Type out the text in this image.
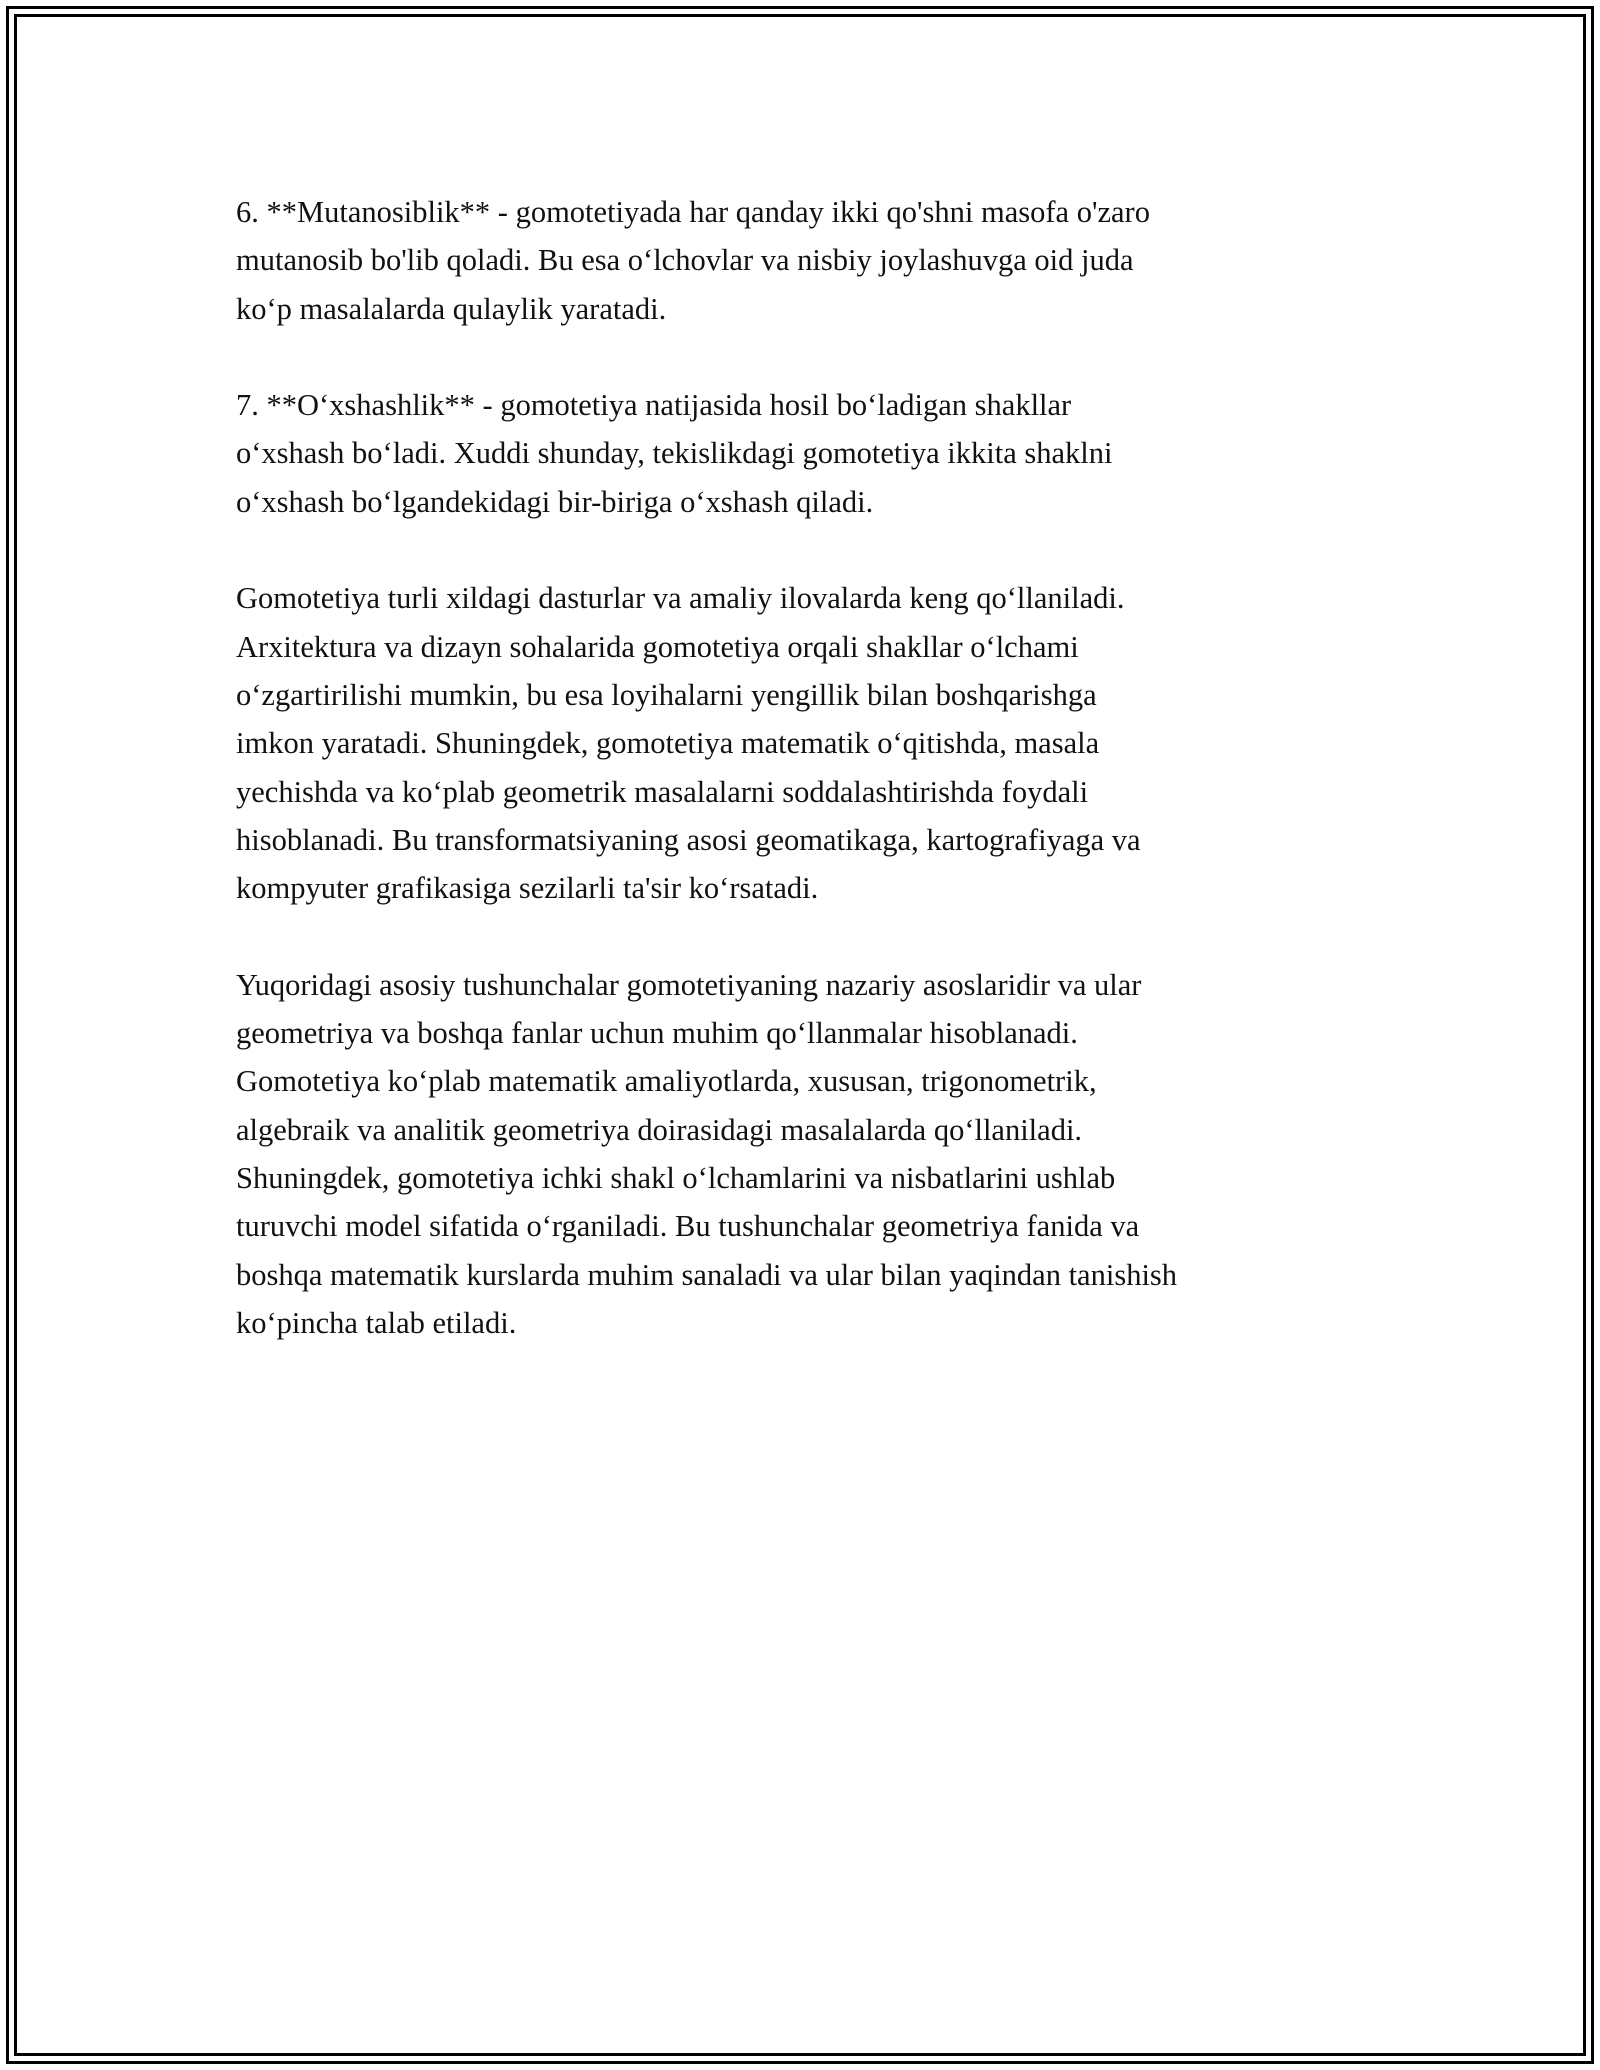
6. **Mutanosiblik** - gomotetiyada har qanday ikki qo'shni masofa o'zaro
mutanosib bo'lib qoladi. Bu esa o‘lchovlar va nisbiy joylashuvga oid juda
ko‘p masalalarda qulaylik yaratadi.

7. **O‘xshashlik** - gomotetiya natijasida hosil bo‘ladigan shakllar
o‘xshash bo‘ladi. Xuddi shunday, tekislikdagi gomotetiya ikkita shaklni
o‘xshash bo‘lgandekidagi bir-biriga o‘xshash qiladi.

Gomotetiya turli xildagi dasturlar va amaliy ilovalarda keng qo‘llaniladi.
Arxitektura va dizayn sohalarida gomotetiya orqali shakllar o‘lchami
o‘zgartirilishi mumkin, bu esa loyihalarni yengillik bilan boshqarishga
imkon yaratadi. Shuningdek, gomotetiya matematik o‘qitishda, masala
yechishda va ko‘plab geometrik masalalarni soddalashtirishda foydali
hisoblanadi. Bu transformatsiyaning asosi geomatikaga, kartografiyaga va
kompyuter grafikasiga sezilarli ta'sir ko‘rsatadi.

Yuqoridagi asosiy tushunchalar gomotetiyaning nazariy asoslaridir va ular
geometriya va boshqa fanlar uchun muhim qo‘llanmalar hisoblanadi.
Gomotetiya ko‘plab matematik amaliyotlarda, xususan, trigonometrik,
algebraik va analitik geometriya doirasidagi masalalarda qo‘llaniladi.
Shuningdek, gomotetiya ichki shakl o‘lchamlarini va nisbatlarini ushlab
turuvchi model sifatida o‘rganiladi. Bu tushunchalar geometriya fanida va
boshqa matematik kurslarda muhim sanaladi va ular bilan yaqindan tanishish
ko‘pincha talab etiladi.
